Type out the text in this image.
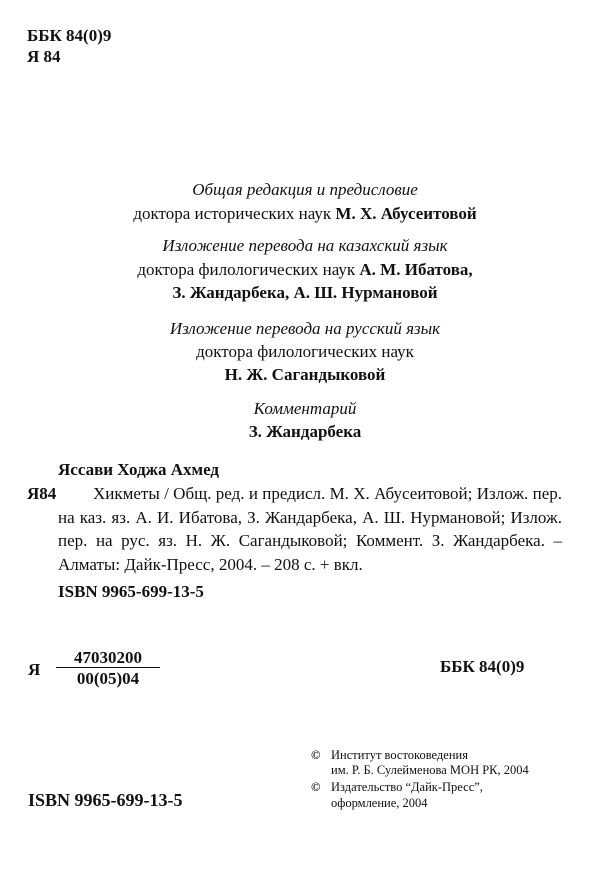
ББК 84(0)9
Я 84
Общая редакция и предисловие
доктора исторических наук М. Х. Абусеитовой
Изложение перевода на казахский язык
доктора филологических наук А. М. Ибатова,
З. Жандарбека, А. Ш. Нурмановой
Изложение перевода на русский язык
доктора филологических наук
Н. Ж. Сагандыковой
Комментарий
З. Жандарбека
Яссави Ходжа Ахмед
Я84	Хикметы / Общ. ред. и предисл. М. Х. Абусеитовой; Излож. пер. на каз. яз. А. И. Ибатова, З. Жандарбека, А. Ш. Нурмановой; Излож. пер. на рус. яз. Н. Ж. Сагандыковой; Коммент. З. Жандарбека. – Алматы: Дайк-Пресс, 2004. – 208 с. + вкл.
ISBN 9965-699-13-5
Я
47030200
00(05)04
ББК 84(0)9
© Институт востоковедения
им. Р. Б. Сулейменова МОН РК, 2004
© Издательство “Дайк-Пресс”,
оформление, 2004
ISBN 9965-699-13-5
